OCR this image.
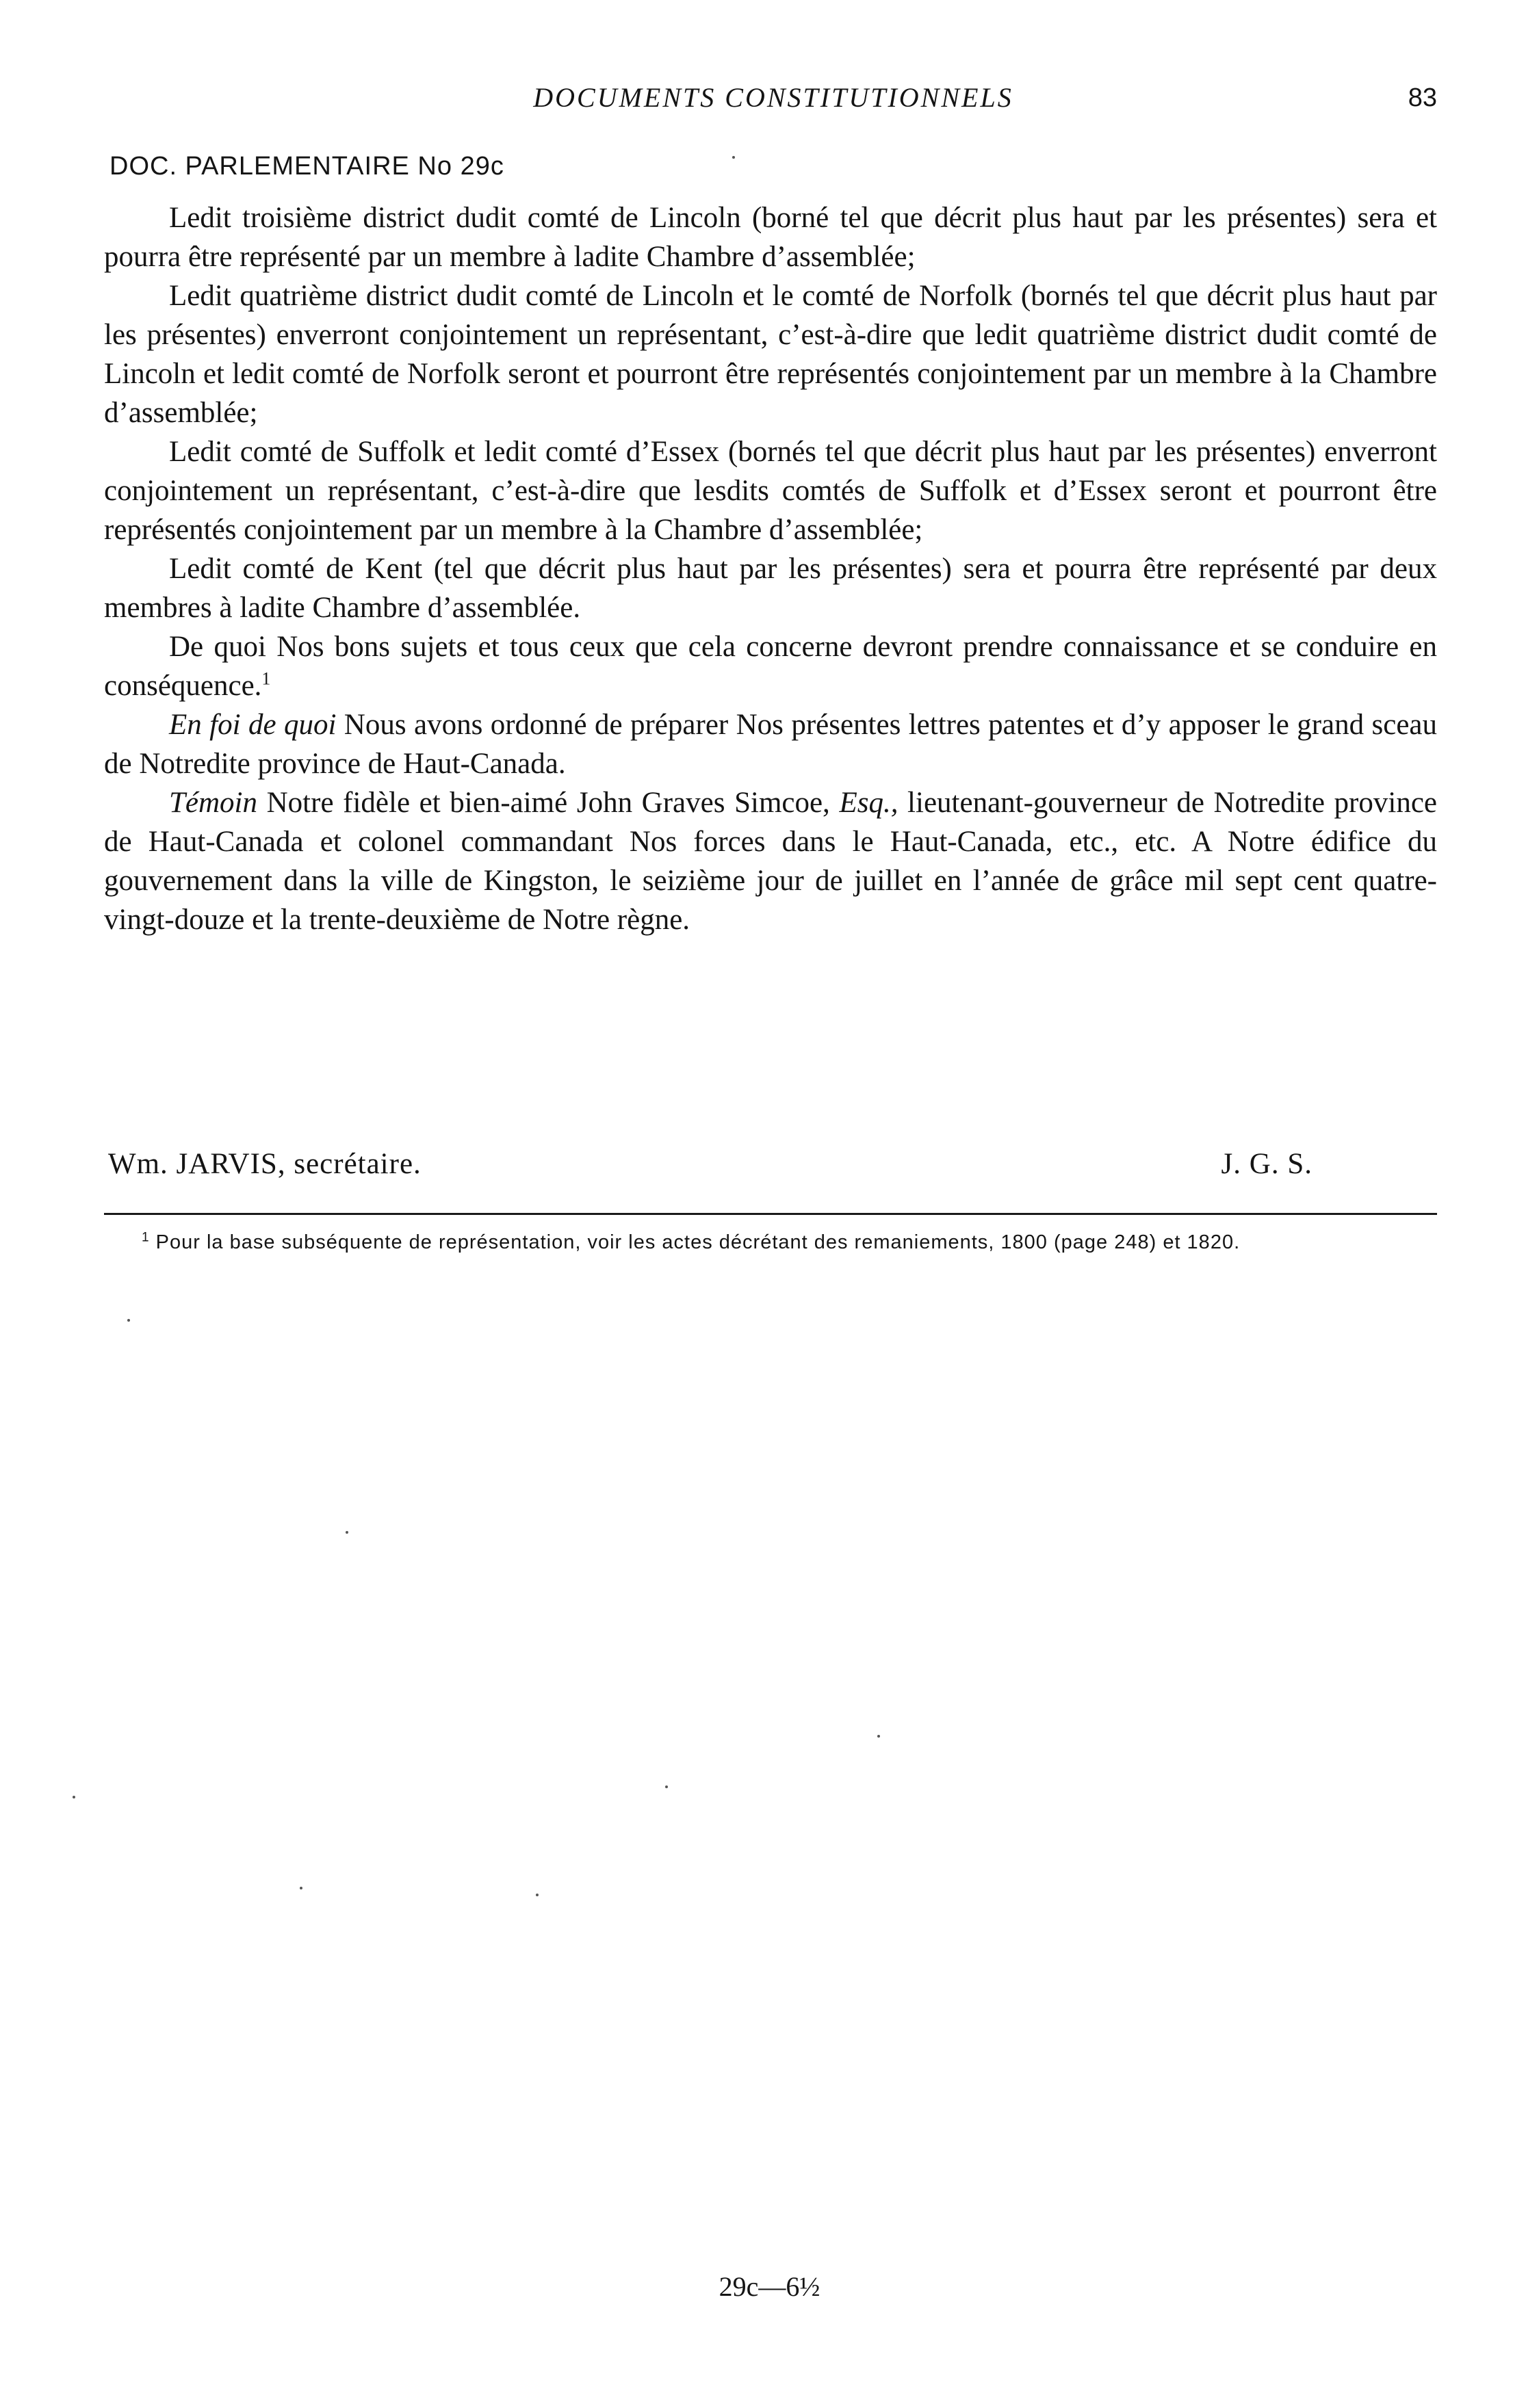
DOCUMENTS CONSTITUTIONNELS	83
DOC. PARLEMENTAIRE No 29c

Ledit troisième district dudit comté de Lincoln (borné tel que décrit plus haut par les présentes) sera et pourra être représenté par un membre à ladite Chambre d’assemblée;

Ledit quatrième district dudit comté de Lincoln et le comté de Norfolk (bornés tel que décrit plus haut par les présentes) enverront conjointement un représentant, c’est-à-dire que ledit quatrième district dudit comté de Lincoln et ledit comté de Norfolk seront et pourront être représentés conjointement par un membre à la Chambre d’assemblée;

Ledit comté de Suffolk et ledit comté d’Essex (bornés tel que décrit plus haut par les présentes) enverront conjointement un représentant, c’est-à-dire que lesdits comtés de Suffolk et d’Essex seront et pourront être représentés conjointement par un membre à la Chambre d’assemblée;

Ledit comté de Kent (tel que décrit plus haut par les présentes) sera et pourra être représenté par deux membres à ladite Chambre d’assemblée.

De quoi Nos bons sujets et tous ceux que cela concerne devront prendre connaissance et se conduire en conséquence.$^1$

En foi de quoi Nous avons ordonné de préparer Nos présentes lettres patentes et d’y apposer le grand sceau de Notredite province de Haut-Canada.

Témoin Notre fidèle et bien-aimé John Graves Simcoe, Esq., lieutenant-gouverneur de Notredite province de Haut-Canada et colonel commandant Nos forces dans le Haut-Canada, etc., etc. A Notre édifice du gouvernement dans la ville de Kingston, le seizième jour de juillet en l’année de grâce mil sept cent quatre-vingt-douze et la trente-deuxième de Notre règne.

Wm. JARVIS, secrétaire.	J. G. S.
$^1$ Pour la base subséquente de représentation, voir les actes décrétant des remaniements, 1800 (page 248) et 1820.
29c—6½
